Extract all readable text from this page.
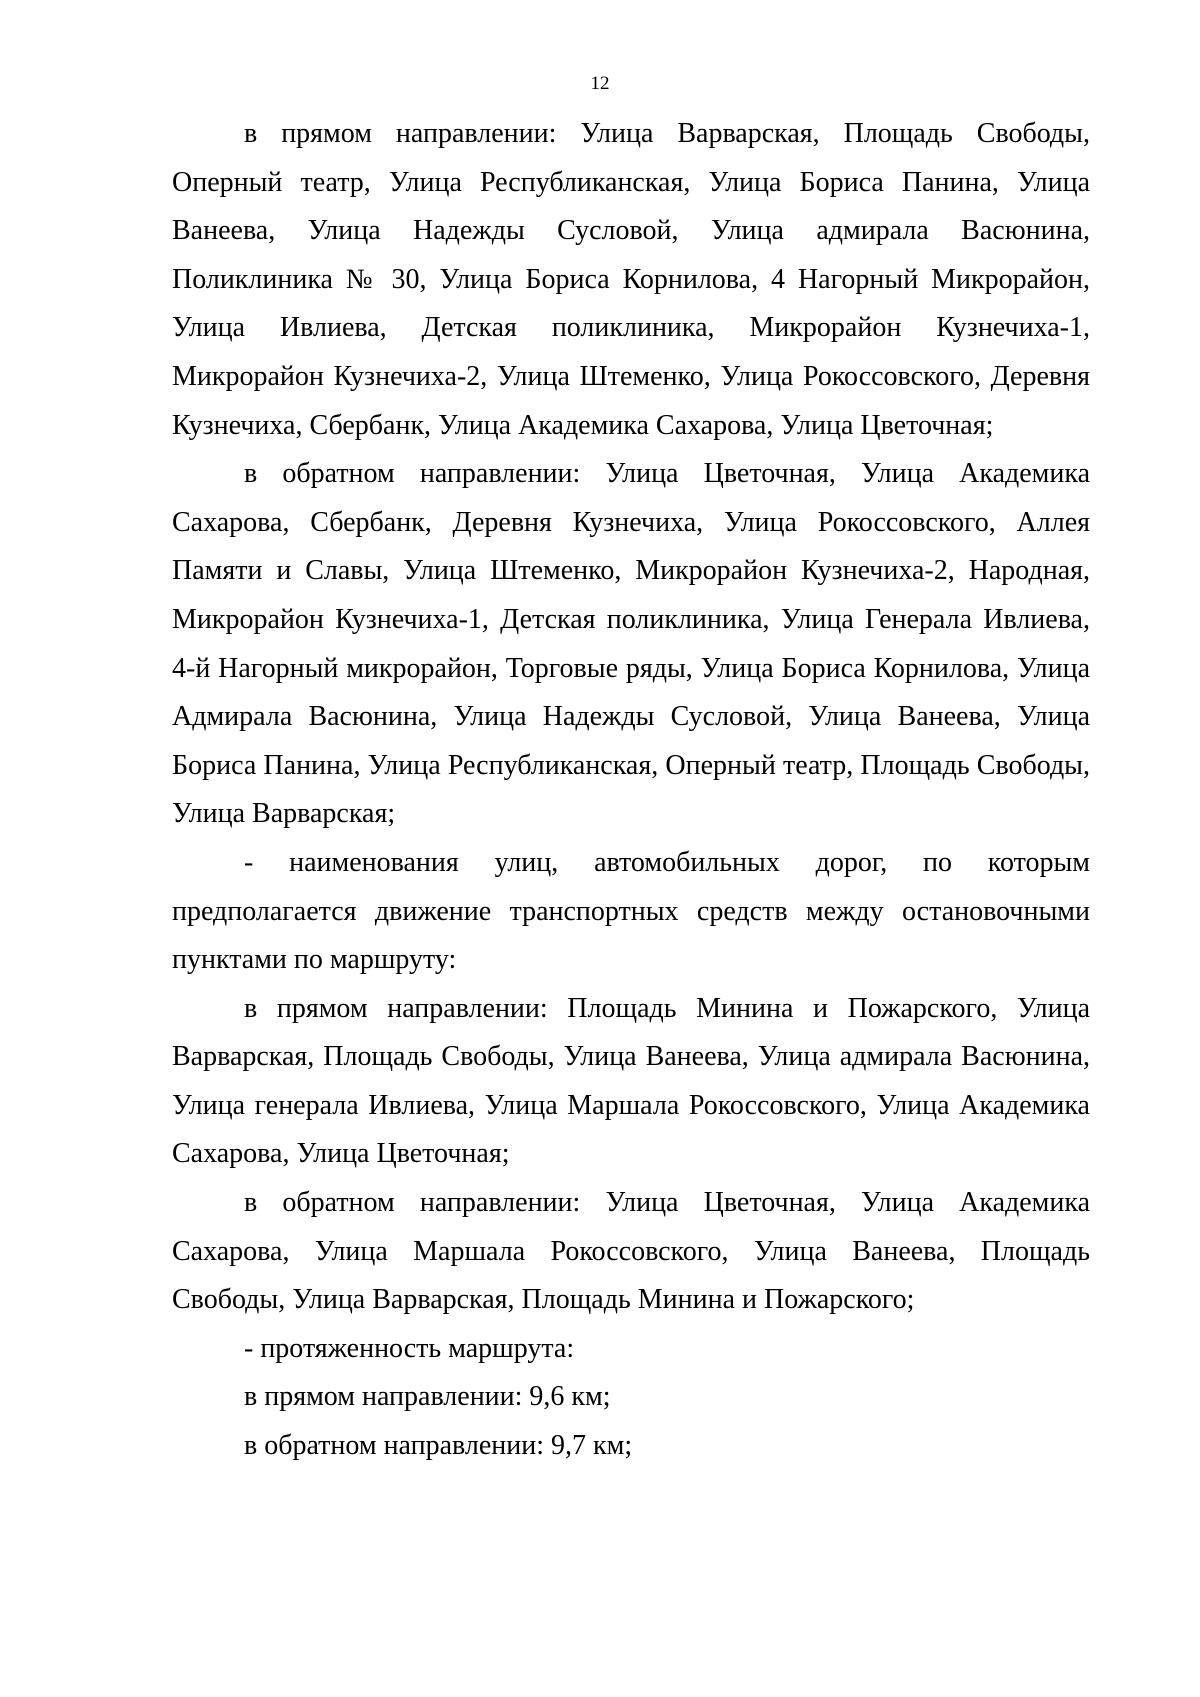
12

в прямом направлении: Улица Варварская, Площадь Свободы, Оперный театр, Улица Республиканская, Улица Бориса Панина, Улица Ванеева, Улица Надежды Сусловой, Улица адмирала Васюнина, Поликлиника № 30, Улица Бориса Корнилова, 4 Нагорный Микрорайон, Улица Ивлиева, Детская поликлиника, Микрорайон Кузнечиха-1, Микрорайон Кузнечиха-2, Улица Штеменко, Улица Рокоссовского, Деревня Кузнечиха, Сбербанк, Улица Академика Сахарова, Улица Цветочная;

в обратном направлении: Улица Цветочная, Улица Академика Сахарова, Сбербанк, Деревня Кузнечиха, Улица Рокоссовского, Аллея Памяти и Славы, Улица Штеменко, Микрорайон Кузнечиха-2, Народная, Микрорайон Кузнечиха-1, Детская поликлиника, Улица Генерала Ивлиева, 4-й Нагорный микрорайон, Торговые ряды, Улица Бориса Корнилова, Улица Адмирала Васюнина, Улица Надежды Сусловой, Улица Ванеева, Улица Бориса Панина, Улица Республиканская, Оперный театр, Площадь Свободы, Улица Варварская;

- наименования улиц, автомобильных дорог, по которым предполагается движение транспортных средств между остановочными пунктами по маршруту:

в прямом направлении: Площадь Минина и Пожарского, Улица Варварская, Площадь Свободы, Улица Ванеева, Улица адмирала Васюнина, Улица генерала Ивлиева, Улица Маршала Рокоссовского, Улица Академика Сахарова, Улица Цветочная;

в обратном направлении: Улица Цветочная, Улица Академика Сахарова, Улица Маршала Рокоссовского, Улица Ванеева, Площадь Свободы, Улица Варварская, Площадь Минина и Пожарского;

- протяженность маршрута:

в прямом направлении: 9,6 км;

в обратном направлении: 9,7 км;
